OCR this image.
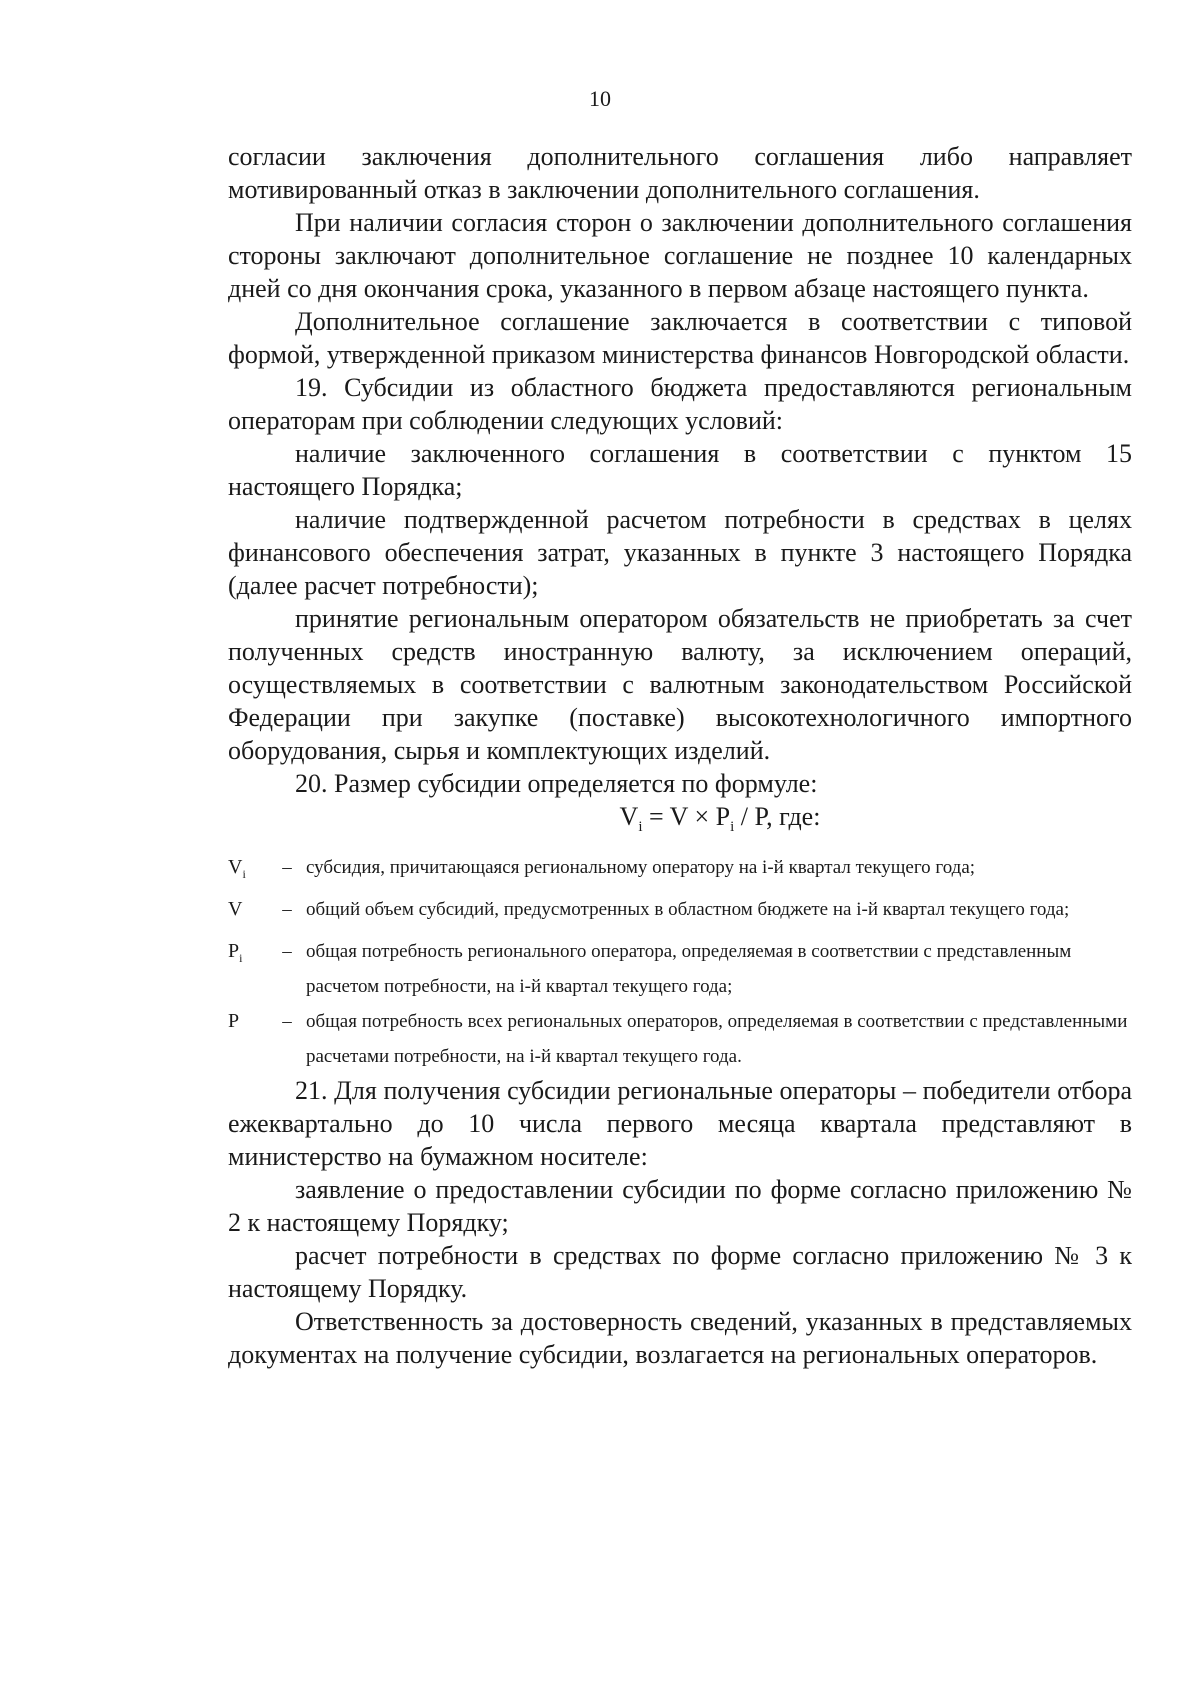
10

согласии заключения дополнительного соглашения либо направляет мотивированный отказ в заключении дополнительного соглашения.

При наличии согласия сторон о заключении дополнительного соглашения стороны заключают дополнительное соглашение не позднее 10 календарных дней со дня окончания срока, указанного в первом абзаце настоящего пункта.

Дополнительное соглашение заключается в соответствии с типовой формой, утвержденной приказом министерства финансов Новгородской области.

19. Субсидии из областного бюджета предоставляются региональным операторам при соблюдении следующих условий:

наличие заключенного соглашения в соответствии с пунктом 15 настоящего Порядка;

наличие подтвержденной расчетом потребности в средствах в целях финансового обеспечения затрат, указанных в пункте 3 настоящего Порядка (далее расчет потребности);

принятие региональным оператором обязательств не приобретать за счет полученных средств иностранную валюту, за исключением операций, осуществляемых в соответствии с валютным законодательством Российской Федерации при закупке (поставке) высокотехнологичного импортного оборудования, сырья и комплектующих изделий.

20. Размер субсидии определяется по формуле:

$V_i = V \times P_i / P$, где:
$V_i$	–	субсидия, причитающаяся региональному оператору на i-й квартал текущего года;
V	–	общий объем субсидий, предусмотренных в областном бюджете на i-й квартал текущего года;
$P_i$	–	общая потребность регионального оператора, определяемая в соответствии с представленным расчетом потребности, на i-й квартал текущего года;
P	–	общая потребность всех региональных операторов, определяемая в соответствии с представленными расчетами потребности, на i-й квартал текущего года.

21. Для получения субсидии региональные операторы – победители отбора ежеквартально до 10 числа первого месяца квартала представляют в министерство на бумажном носителе:

заявление о предоставлении субсидии по форме согласно приложению № 2 к настоящему Порядку;

расчет потребности в средствах по форме согласно приложению № 3 к настоящему Порядку.

Ответственность за достоверность сведений, указанных в представляемых документах на получение субсидии, возлагается на региональных операторов.
